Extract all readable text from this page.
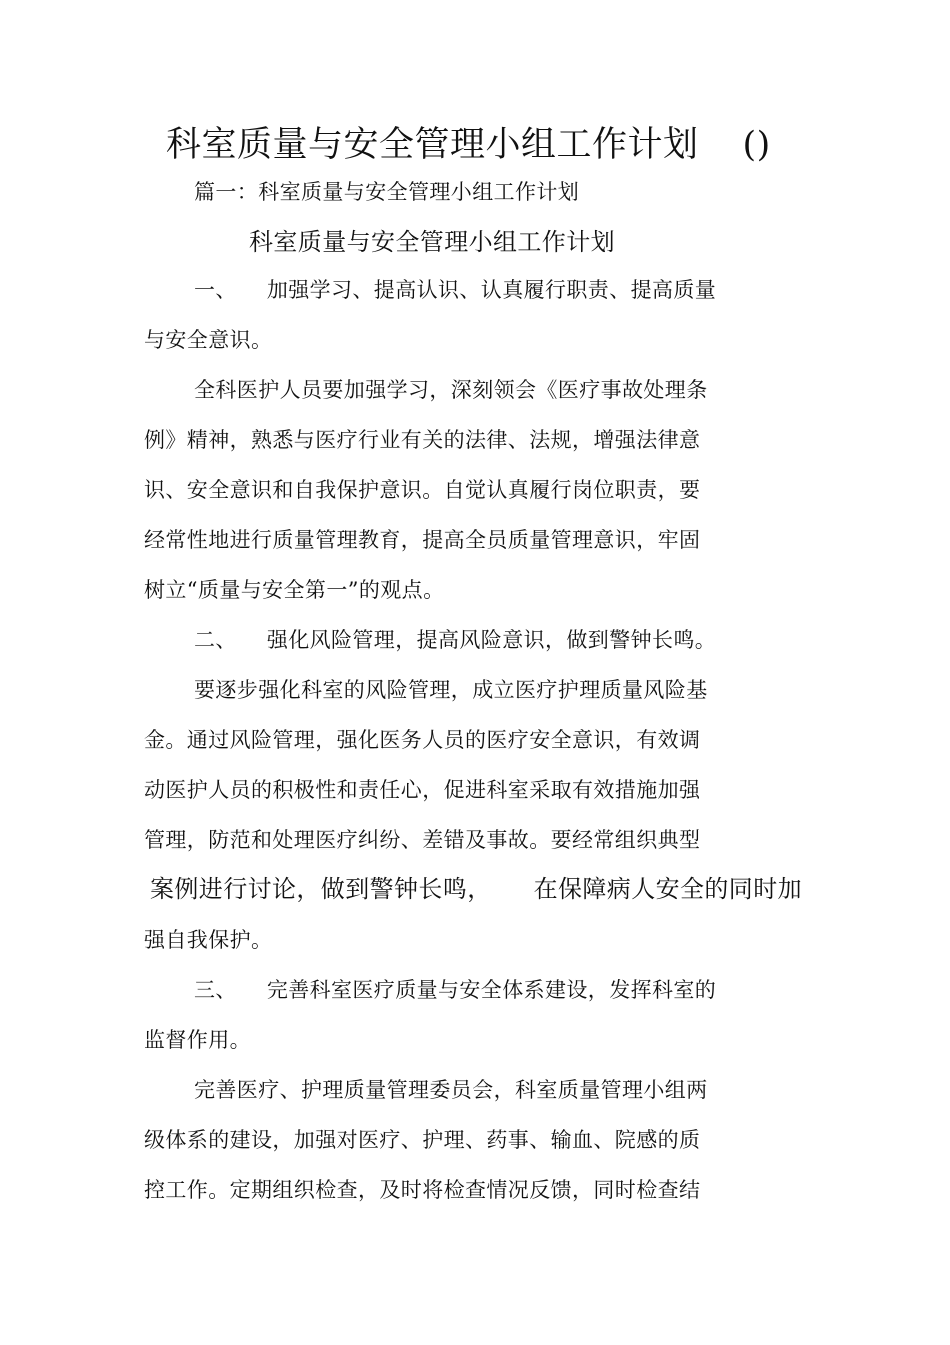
科室质量与安全管理小组工作计划 ()
篇一：科室质量与安全管理小组工作计划
科室质量与安全管理小组工作计划
一、 加强学习、提高认识、认真履行职责、提高质量
与安全意识。
全科医护人员要加强学习，深刻领会《医疗事故处理条
例》精神，熟悉与医疗行业有关的法律、法规，增强法律意
识、安全意识和自我保护意识。自觉认真履行岗位职责，要
经常性地进行质量管理教育，提高全员质量管理意识，牢固
树立“质量与安全第一”的观点。
二、 强化风险管理，提高风险意识，做到警钟长鸣。
要逐步强化科室的风险管理，成立医疗护理质量风险基
金。通过风险管理，强化医务人员的医疗安全意识，有效调
动医护人员的积极性和责任心，促进科室采取有效措施加强
管理，防范和处理医疗纠纷、差错及事故。要经常组织典型
案例进行讨论，做到警钟长鸣， 在保障病人安全的同时加
强自我保护。
三、 完善科室医疗质量与安全体系建设，发挥科室的
监督作用。
完善医疗、护理质量管理委员会，科室质量管理小组两
级体系的建设，加强对医疗、护理、药事、输血、院感的质
控工作。定期组织检查，及时将检查情况反馈，同时检查结
